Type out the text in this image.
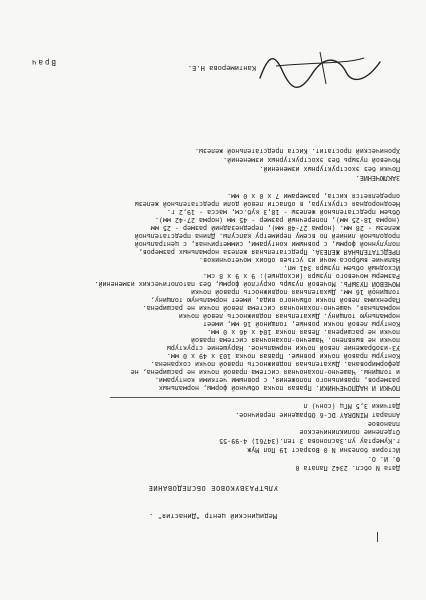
Медицинский центр "Династия" .
УЛЬТРАЗВУКОВОЕ ОБСЛЕДОВАНИЕ
Дата N обсл. 2342 Палата 0
Ф. И. О.
История болезни N 0 Возраст 19 Пол Муж
г.Кумертау ул.Заслонова 3 тел.(34761) 4-99-55
Отделение поликлиническое
плановое
Аппарат MINDRAY DC-6 Обращение первичное.
Датчики 3,5 МГц (сонч) л
ПОЧКИ И НАДПОЧЕЧНИКИ. Правая почка обычной формы, нормальных
размеров, правильного положения, с ровными четкими контурами.
и толщины. Чашечно-лоханочная система правой почки не расширена, не
деформирована. Дыхательная подвижность правой почки сохранена.
Контуры правой почки ровные. Правая почка 103 x 49 x 0 мм.
УЗ-изображение левой почки нормальное. Нарушение структуры
почки не выявлено. Чашечно-лоханочная система правой
почки не расширена. Левая почка 104 x 46 x 0 мм.
Контуры левой почки ровные, толщиной 16 мм, имеет
нормальную толщину. Дыхательная подвижность левой почки
нормальная, чашечно-лоханочная система левой почки не расширена.
Паренхима левой почки обычного вида, имеет нормальную толщину,
толщиной 16 мм. Дыхательная подвижность правой почки
МОЧЕВОЙ ПУЗЫРЬ. Мочевой пузырь округлой формы, без патологических изменений.
Размеры мочевого пузыря (исходные): 9 x 9 x 8 см.
Исходный объем пузыря 341 мл.
Наличие выброса мочи из устьев обоих мочеточников.
ПРЕДСТАТЕЛЬНАЯ ЖЕЛЕЗА. Предстательная железа нормальных размеров,
полулунной формы, с ровными контурами, симметричная, с центральной
продольной линией по всему периметру капсулы. Длина предстательной
железы - 28 мм. (норма 27-40 мм), переднезадний размер - 25 мм
(норма 18-25 мм), поперечный размер - 45 мм (норма 27-42 мм).
Объем предстательной железы - 18,3 куб.см, масса - 19,2 г.
Неоднородная структура, в области левой доли предстательной железы
определяется киста, размерами 7 x 0 x 0 мм.
ЗАКЛЮЧЕНИЕ.
Почки без эхоструктурных изменений.
Мочевой пузырь без эхоструктурных изменений.
Хронический простатит. Киста предстательной железы.
Кантимерова Н.Е.
Врач
